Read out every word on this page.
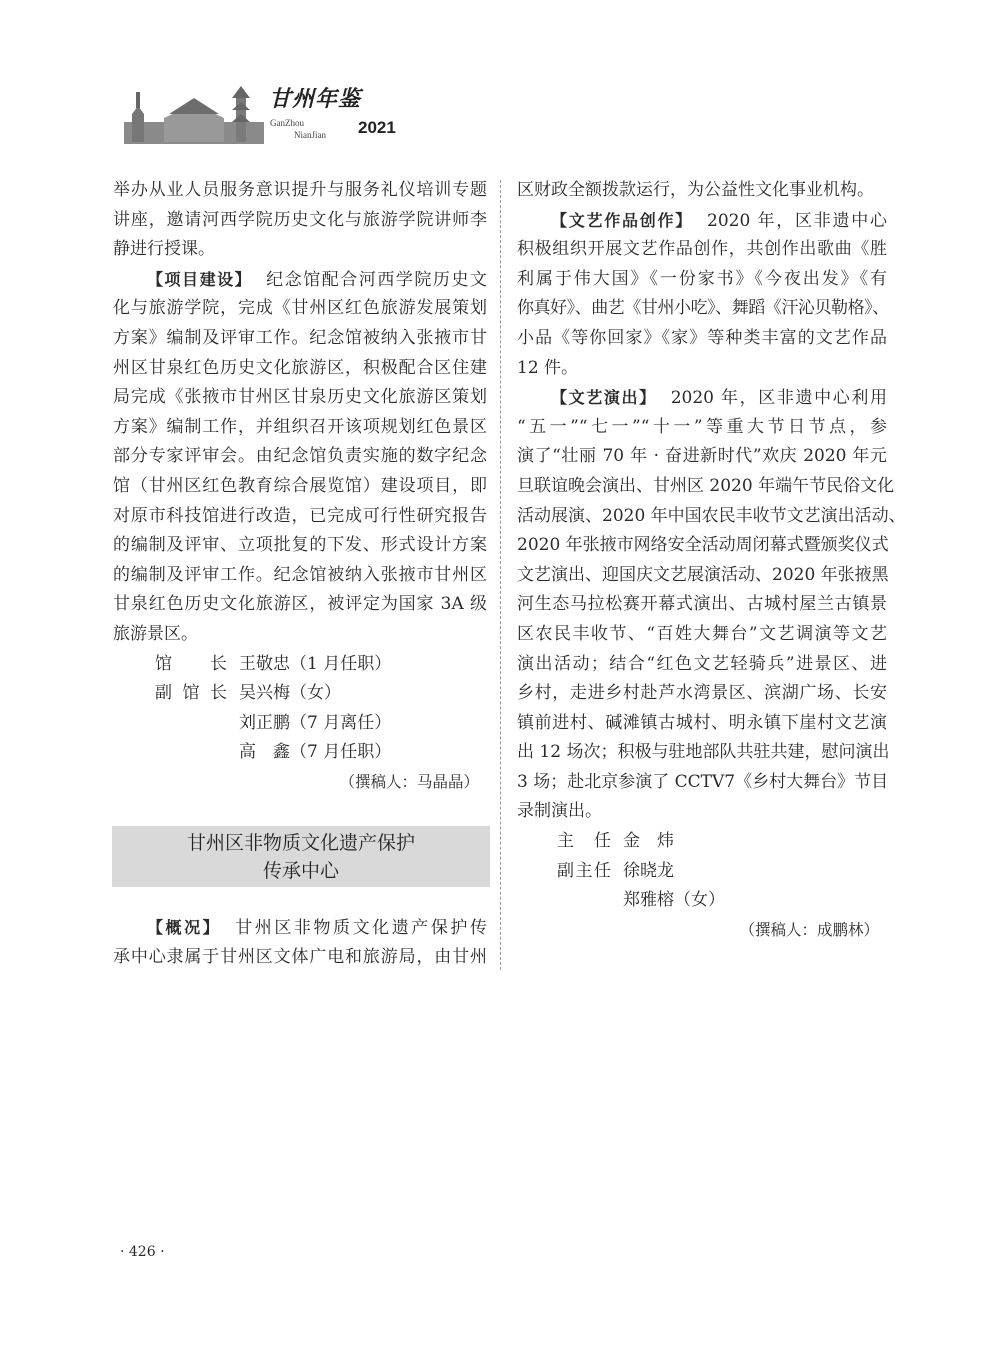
甘州年鉴
GanZhou
NianJian 2021
举办从业人员服务意识提升与服务礼仪培训专题
讲座，邀请河西学院历史文化与旅游学院讲师李
静进行授课。
【项目建设】 纪念馆配合河西学院历史文
化与旅游学院，完成《甘州区红色旅游发展策划
方案》编制及评审工作。纪念馆被纳入张掖市甘
州区甘泉红色历史文化旅游区，积极配合区住建
局完成《张掖市甘州区甘泉历史文化旅游区策划
方案》编制工作，并组织召开该项规划红色景区
部分专家评审会。由纪念馆负责实施的数字纪念
馆（甘州区红色教育综合展览馆）建设项目，即
对原市科技馆进行改造，已完成可行性研究报告
的编制及评审、立项批复的下发、形式设计方案
的编制及评审工作。纪念馆被纳入张掖市甘州区
甘泉红色历史文化旅游区，被评定为国家 3A 级
旅游景区。
馆长 王敬忠（1 月任职）
副馆长 吴兴梅（女）
刘正鹏（7 月离任）
高　鑫（7 月任职）
（撰稿人：马晶晶）
甘州区非物质文化遗产保护
传承中心
【概况】 甘州区非物质文化遗产保护传
承中心隶属于甘州区文体广电和旅游局，由甘州
区财政全额拨款运行，为公益性文化事业机构。
【文艺作品创作】 2020 年，区非遗中心
积极组织开展文艺作品创作，共创作出歌曲《胜
利属于伟大国》《一份家书》《今夜出发》《有
你真好》、曲艺《甘州小吃》、舞蹈《汗沁贝勒格》、
小品《等你回家》《家》等种类丰富的文艺作品
12 件。
【文艺演出】 2020 年，区非遗中心利用
“五一”“七一”“十一”等重大节日节点，参
演了“壮丽 70 年 · 奋进新时代”欢庆 2020 年元
旦联谊晚会演出、甘州区 2020 年端午节民俗文化
活动展演、2020 年中国农民丰收节文艺演出活动、
2020 年张掖市网络安全活动周闭幕式暨颁奖仪式
文艺演出、迎国庆文艺展演活动、2020 年张掖黑
河生态马拉松赛开幕式演出、古城村屋兰古镇景
区农民丰收节、“百姓大舞台”文艺调演等文艺
演出活动；结合“红色文艺轻骑兵”进景区、进
乡村，走进乡村赴芦水湾景区、滨湖广场、长安
镇前进村、碱滩镇古城村、明永镇下崖村文艺演
出 12 场次；积极与驻地部队共驻共建，慰问演出
3 场；赴北京参演了 CCTV7《乡村大舞台》节目
录制演出。
主任 金　炜
副主任 徐晓龙
郑雅榕（女）
（撰稿人：成鹏林）
· 426 ·
